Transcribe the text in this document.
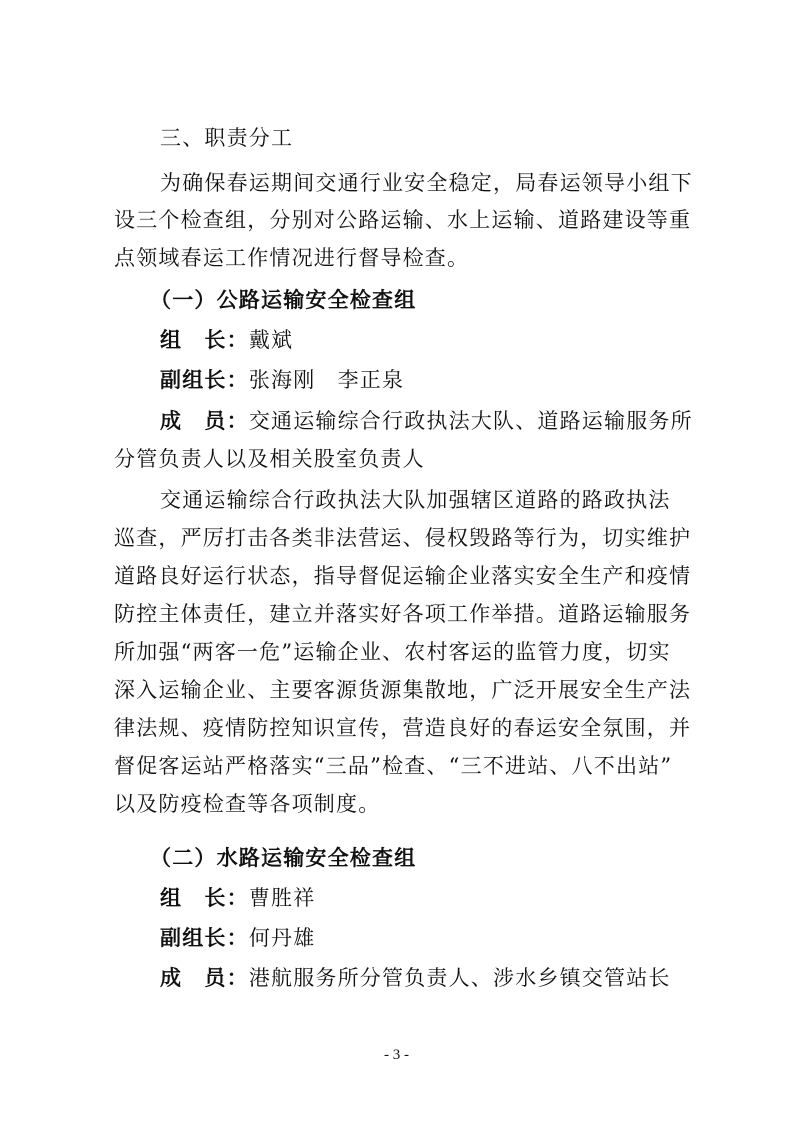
三、职责分工
为确保春运期间交通行业安全稳定，局春运领导小组下
设三个检查组，分别对公路运输、水上运输、道路建设等重
点领域春运工作情况进行督导检查。
（一）公路运输安全检查组
组　长：戴斌
副组长：张海刚　李正泉
成　员：交通运输综合行政执法大队、道路运输服务所
分管负责人以及相关股室负责人
交通运输综合行政执法大队加强辖区道路的路政执法
巡查，严厉打击各类非法营运、侵权毁路等行为，切实维护
道路良好运行状态，指导督促运输企业落实安全生产和疫情
防控主体责任，建立并落实好各项工作举措。道路运输服务
所加强“两客一危”运输企业、农村客运的监管力度，切实
深入运输企业、主要客源货源集散地，广泛开展安全生产法
律法规、疫情防控知识宣传，营造良好的春运安全氛围，并
督促客运站严格落实“三品”检查、“三不进站、八不出站”
以及防疫检查等各项制度。
（二）水路运输安全检查组
组　长：曹胜祥
副组长：何丹雄
成　员：港航服务所分管负责人、涉水乡镇交管站长
- 3 -
